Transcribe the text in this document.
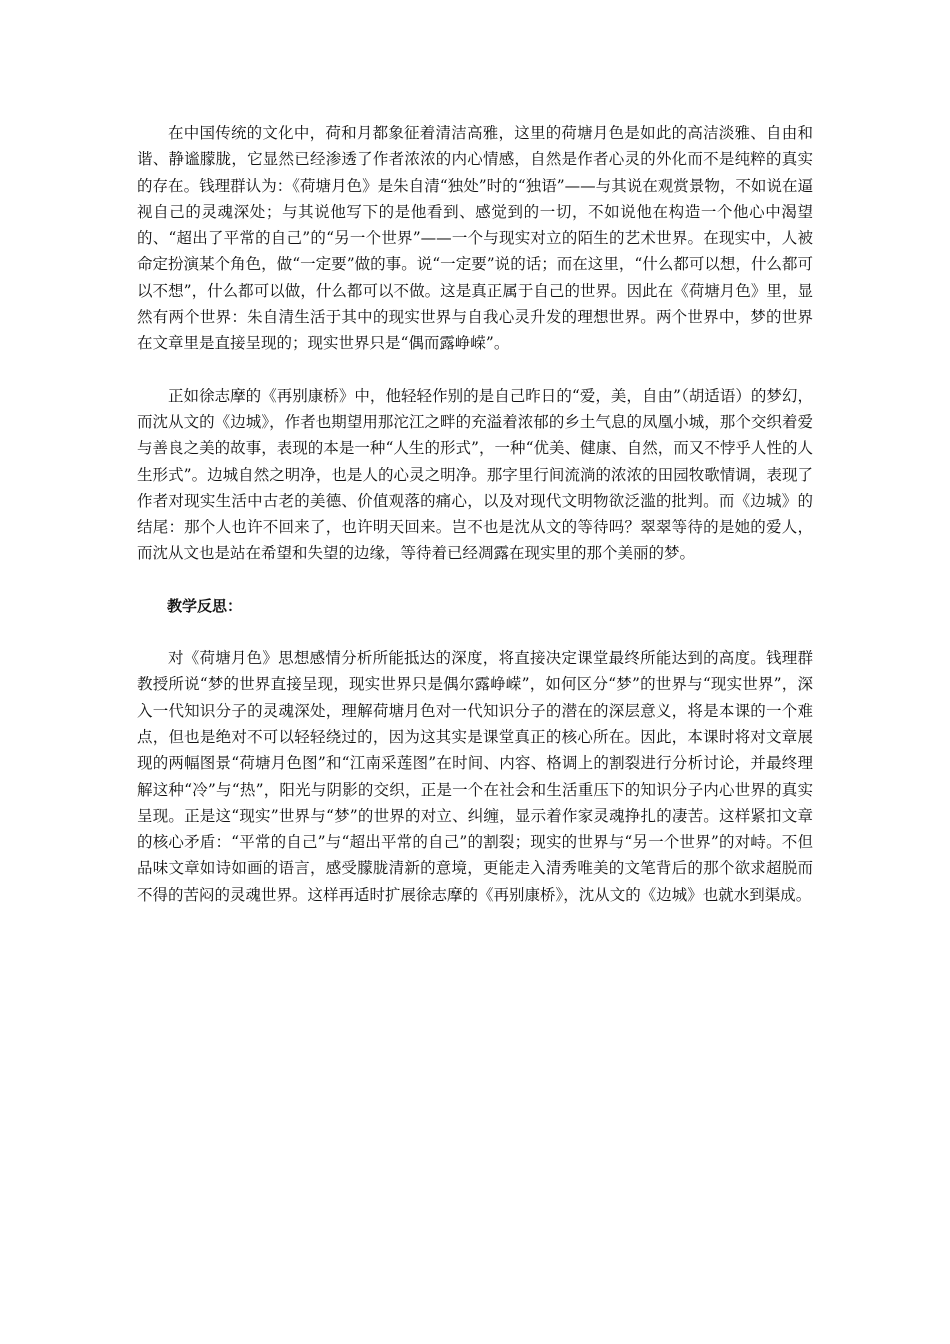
在中国传统的文化中，荷和月都象征着清洁高雅，这里的荷塘月色是如此的高洁淡雅、自由和谐、静谧朦胧，它显然已经渗透了作者浓浓的内心情感，自然是作者心灵的外化而不是纯粹的真实的存在。钱理群认为：《荷塘月色》是朱自清“独处”时的“独语”——与其说在观赏景物，不如说在逼视自己的灵魂深处；与其说他写下的是他看到、感觉到的一切，不如说他在构造一个他心中渴望的、“超出了平常的自己”的“另一个世界”——一个与现实对立的陌生的艺术世界。在现实中，人被命定扮演某个角色，做“一定要”做的事。说“一定要”说的话；而在这里，“什么都可以想，什么都可以不想”，什么都可以做，什么都可以不做。这是真正属于自己的世界。因此在《荷塘月色》里，显然有两个世界：朱自清生活于其中的现实世界与自我心灵升发的理想世界。两个世界中，梦的世界在文章里是直接呈现的；现实世界只是“偶而露峥嵘”。

正如徐志摩的《再别康桥》中，他轻轻作别的是自己昨日的“爱，美，自由”（胡适语）的梦幻，而沈从文的《边城》，作者也期望用那沱江之畔的充溢着浓郁的乡土气息的凤凰小城，那个交织着爱与善良之美的故事，表现的本是一种“人生的形式”，一种“优美、健康、自然，而又不悖乎人性的人生形式”。边城自然之明净，也是人的心灵之明净。那字里行间流淌的浓浓的田园牧歌情调，表现了作者对现实生活中古老的美德、价值观落的痛心，以及对现代文明物欲泛滥的批判。而《边城》的结尾：那个人也许不回来了，也许明天回来。岂不也是沈从文的等待吗？翠翠等待的是她的爱人，而沈从文也是站在希望和失望的边缘，等待着已经凋露在现实里的那个美丽的梦。

教学反思：

对《荷塘月色》思想感情分析所能抵达的深度，将直接决定课堂最终所能达到的高度。钱理群教授所说“梦的世界直接呈现，现实世界只是偶尔露峥嵘”，如何区分“梦”的世界与“现实世界”，深入一代知识分子的灵魂深处，理解荷塘月色对一代知识分子的潜在的深层意义，将是本课的一个难点，但也是绝对不可以轻轻绕过的，因为这其实是课堂真正的核心所在。因此，本课时将对文章展现的两幅图景“荷塘月色图”和“江南采莲图”在时间、内容、格调上的割裂进行分析讨论，并最终理解这种“冷”与“热”，阳光与阴影的交织，正是一个在社会和生活重压下的知识分子内心世界的真实呈现。正是这“现实”世界与“梦”的世界的对立、纠缠，显示着作家灵魂挣扎的凄苦。这样紧扣文章的核心矛盾：“平常的自己”与“超出平常的自己”的割裂；现实的世界与“另一个世界”的对峙。不但品味文章如诗如画的语言，感受朦胧清新的意境，更能走入清秀唯美的文笔背后的那个欲求超脱而不得的苦闷的灵魂世界。这样再适时扩展徐志摩的《再别康桥》，沈从文的《边城》也就水到渠成。
